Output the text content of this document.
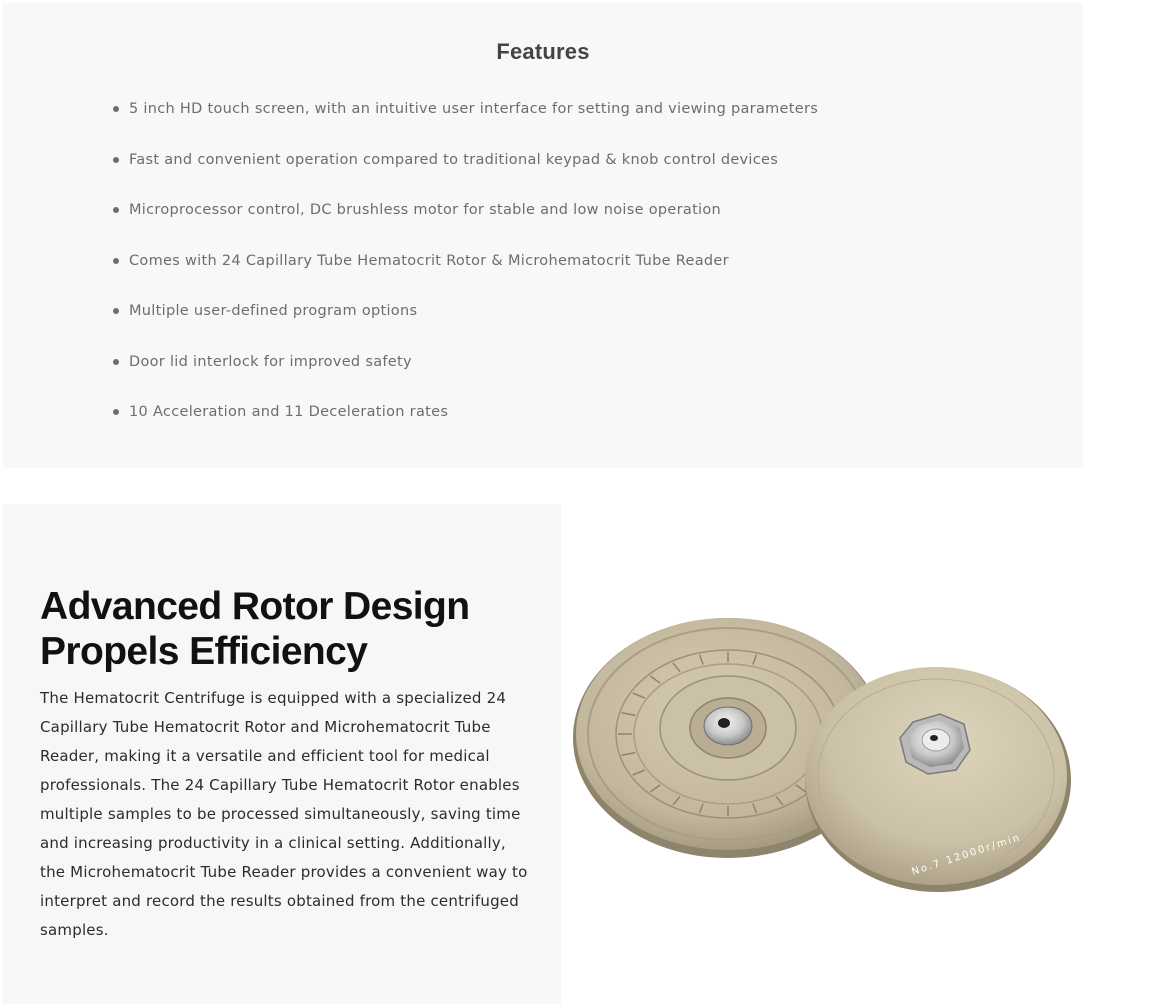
Features
5 inch HD touch screen, with an intuitive user interface for setting and viewing parameters
Fast and convenient operation compared to traditional keypad & knob control devices
Microprocessor control, DC brushless motor for stable and low noise operation
Comes with 24 Capillary Tube Hematocrit Rotor & Microhematocrit Tube Reader
Multiple user-defined program options
Door lid interlock for improved safety
10 Acceleration and 11 Deceleration rates
Advanced Rotor Design
Propels Efficiency

The Hematocrit Centrifuge is equipped with a specialized 24 Capillary Tube Hematocrit Rotor and Microhematocrit Tube Reader, making it a versatile and efficient tool for medical professionals. The 24 Capillary Tube Hematocrit Rotor enables multiple samples to be processed simultaneously, saving time and increasing productivity in a clinical setting. Additionally, the Microhematocrit Tube Reader provides a convenient way to interpret and record the results obtained from the centrifuged samples.

No.7 12000r/min
